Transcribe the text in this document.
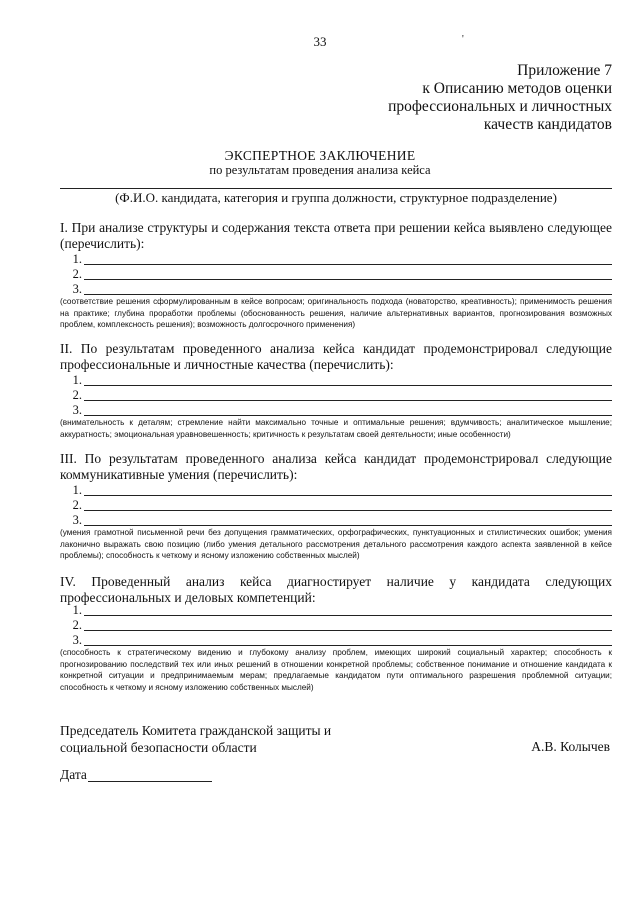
33	'
Приложение 7
к Описанию методов оценки
профессиональных и личностных
качеств кандидатов
ЭКСПЕРТНОЕ ЗАКЛЮЧЕНИЕ
по результатам проведения анализа кейса
(Ф.И.О. кандидата, категория и группа должности, структурное подразделение)
I. При анализе структуры и содержания текста ответа при решении кейса выявлено следующее (перечислить):
1.
2.
3.
(соответствие решения сформулированным в кейсе вопросам; оригинальность подхода (новаторство, креативность); применимость решения на практике; глубина проработки проблемы (обоснованность решения, наличие альтернативных вариантов, прогнозирования возможных проблем, комплексность решения); возможность долгосрочного применения)
II. По результатам проведенного анализа кейса кандидат продемонстрировал следующие профессиональные и личностные качества (перечислить):
1.
2.
3.
(внимательность к деталям; стремление найти максимально точные и оптимальные решения; вдумчивость; аналитическое мышление; аккуратность; эмоциональная уравновешенность; критичность к результатам своей деятельности; иные особенности)
III. По результатам проведенного анализа кейса кандидат продемонстрировал следующие коммуникативные умения (перечислить):
1.
2.
3.
(умения грамотной письменной речи без допущения грамматических, орфографических, пунктуационных и стилистических ошибок; умения лаконично выражать свою позицию (либо умения детального рассмотрения детального рассмотрения каждого аспекта заявленной в кейсе проблемы); способность к четкому и ясному изложению собственных мыслей)
IV. Проведенный анализ кейса диагностирует наличие у кандидата следующих профессиональных и деловых компетенций:
1.
2.
3.
(способность к стратегическому видению и глубокому анализу проблем, имеющих широкий социальный характер; способность к прогнозированию последствий тех или иных решений в отношении конкретной проблемы; собственное понимание и отношение кандидата к конкретной ситуации и предпринимаемым мерам; предлагаемые кандидатом пути оптимального разрешения проблемной ситуации; способность к четкому и ясному изложению собственных мыслей)
Председатель Комитета гражданской защиты и
социальной безопасности области	А.В. Колычев
Дата
